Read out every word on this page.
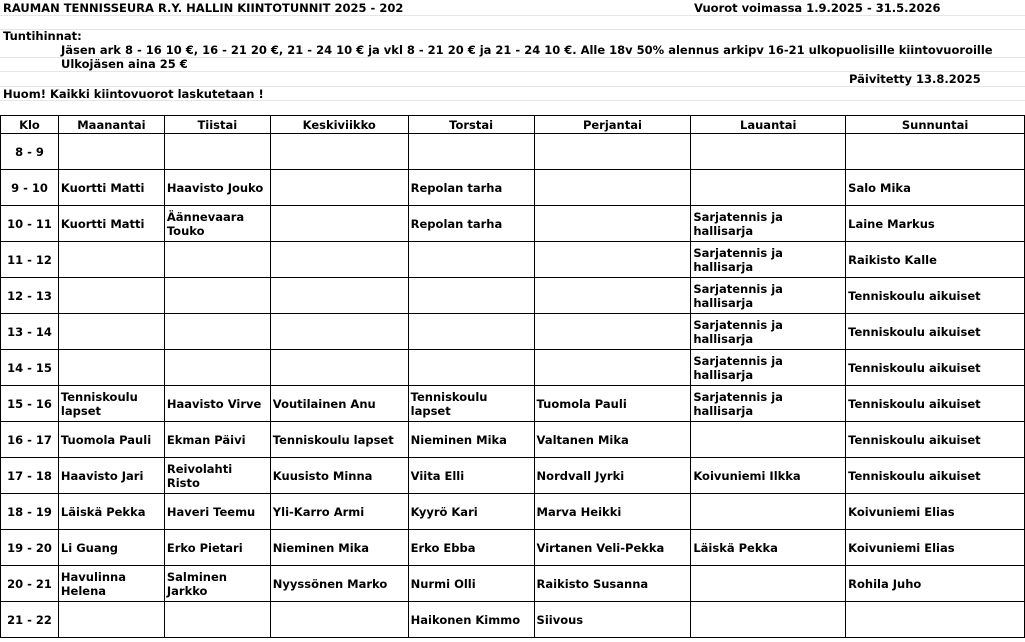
RAUMAN TENNISSEURA R.Y. HALLIN KIINTOTUNNIT 2025 - 202	Vuorot voimassa 1.9.2025 - 31.5.2026
Tuntihinnat:
Jäsen ark 8 - 16 10 €, 16 - 21 20 €, 21 - 24 10 € ja vkl 8 - 21 20 € ja 21 - 24 10 €. Alle 18v 50% alennus arkipv 16-21 ulkopuolisille kiintovuoroille
Ulkojäsen aina 25 €
Päivitetty 13.8.2025
Huom! Kaikki kiintovuorot laskutetaan !
Klo	Maanantai	Tiistai	Keskiviikko	Torstai	Perjantai	Lauantai	Sunnuntai
8 - 9							
9 - 10	Kuortti Matti	Haavisto Jouko		Repolan tarha			Salo Mika
10 - 11	Kuortti Matti	Äännevaara Touko		Repolan tarha		Sarjatennis ja hallisarja	Laine Markus
11 - 12						Sarjatennis ja hallisarja	Raikisto Kalle
12 - 13						Sarjatennis ja hallisarja	Tenniskoulu aikuiset
13 - 14						Sarjatennis ja hallisarja	Tenniskoulu aikuiset
14 - 15						Sarjatennis ja hallisarja	Tenniskoulu aikuiset
15 - 16	Tenniskoulu lapset	Haavisto Virve	Voutilainen Anu	Tenniskoulu lapset	Tuomola Pauli	Sarjatennis ja hallisarja	Tenniskoulu aikuiset
16 - 17	Tuomola Pauli	Ekman Päivi	Tenniskoulu lapset	Nieminen Mika	Valtanen Mika		Tenniskoulu aikuiset
17 - 18	Haavisto Jari	Reivolahti Risto	Kuusisto Minna	Viita Elli	Nordvall Jyrki	Koivuniemi Ilkka	Tenniskoulu aikuiset
18 - 19	Läiskä Pekka	Haveri Teemu	Yli-Karro Armi	Kyyrö Kari	Marva Heikki		Koivuniemi Elias
19 - 20	Li Guang	Erko Pietari	Nieminen Mika	Erko Ebba	Virtanen Veli-Pekka	Läiskä Pekka	Koivuniemi Elias
20 - 21	Havulinna Helena	Salminen Jarkko	Nyyssönen Marko	Nurmi Olli	Raikisto Susanna		Rohila Juho
21 - 22				Haikonen Kimmo	Siivous		
